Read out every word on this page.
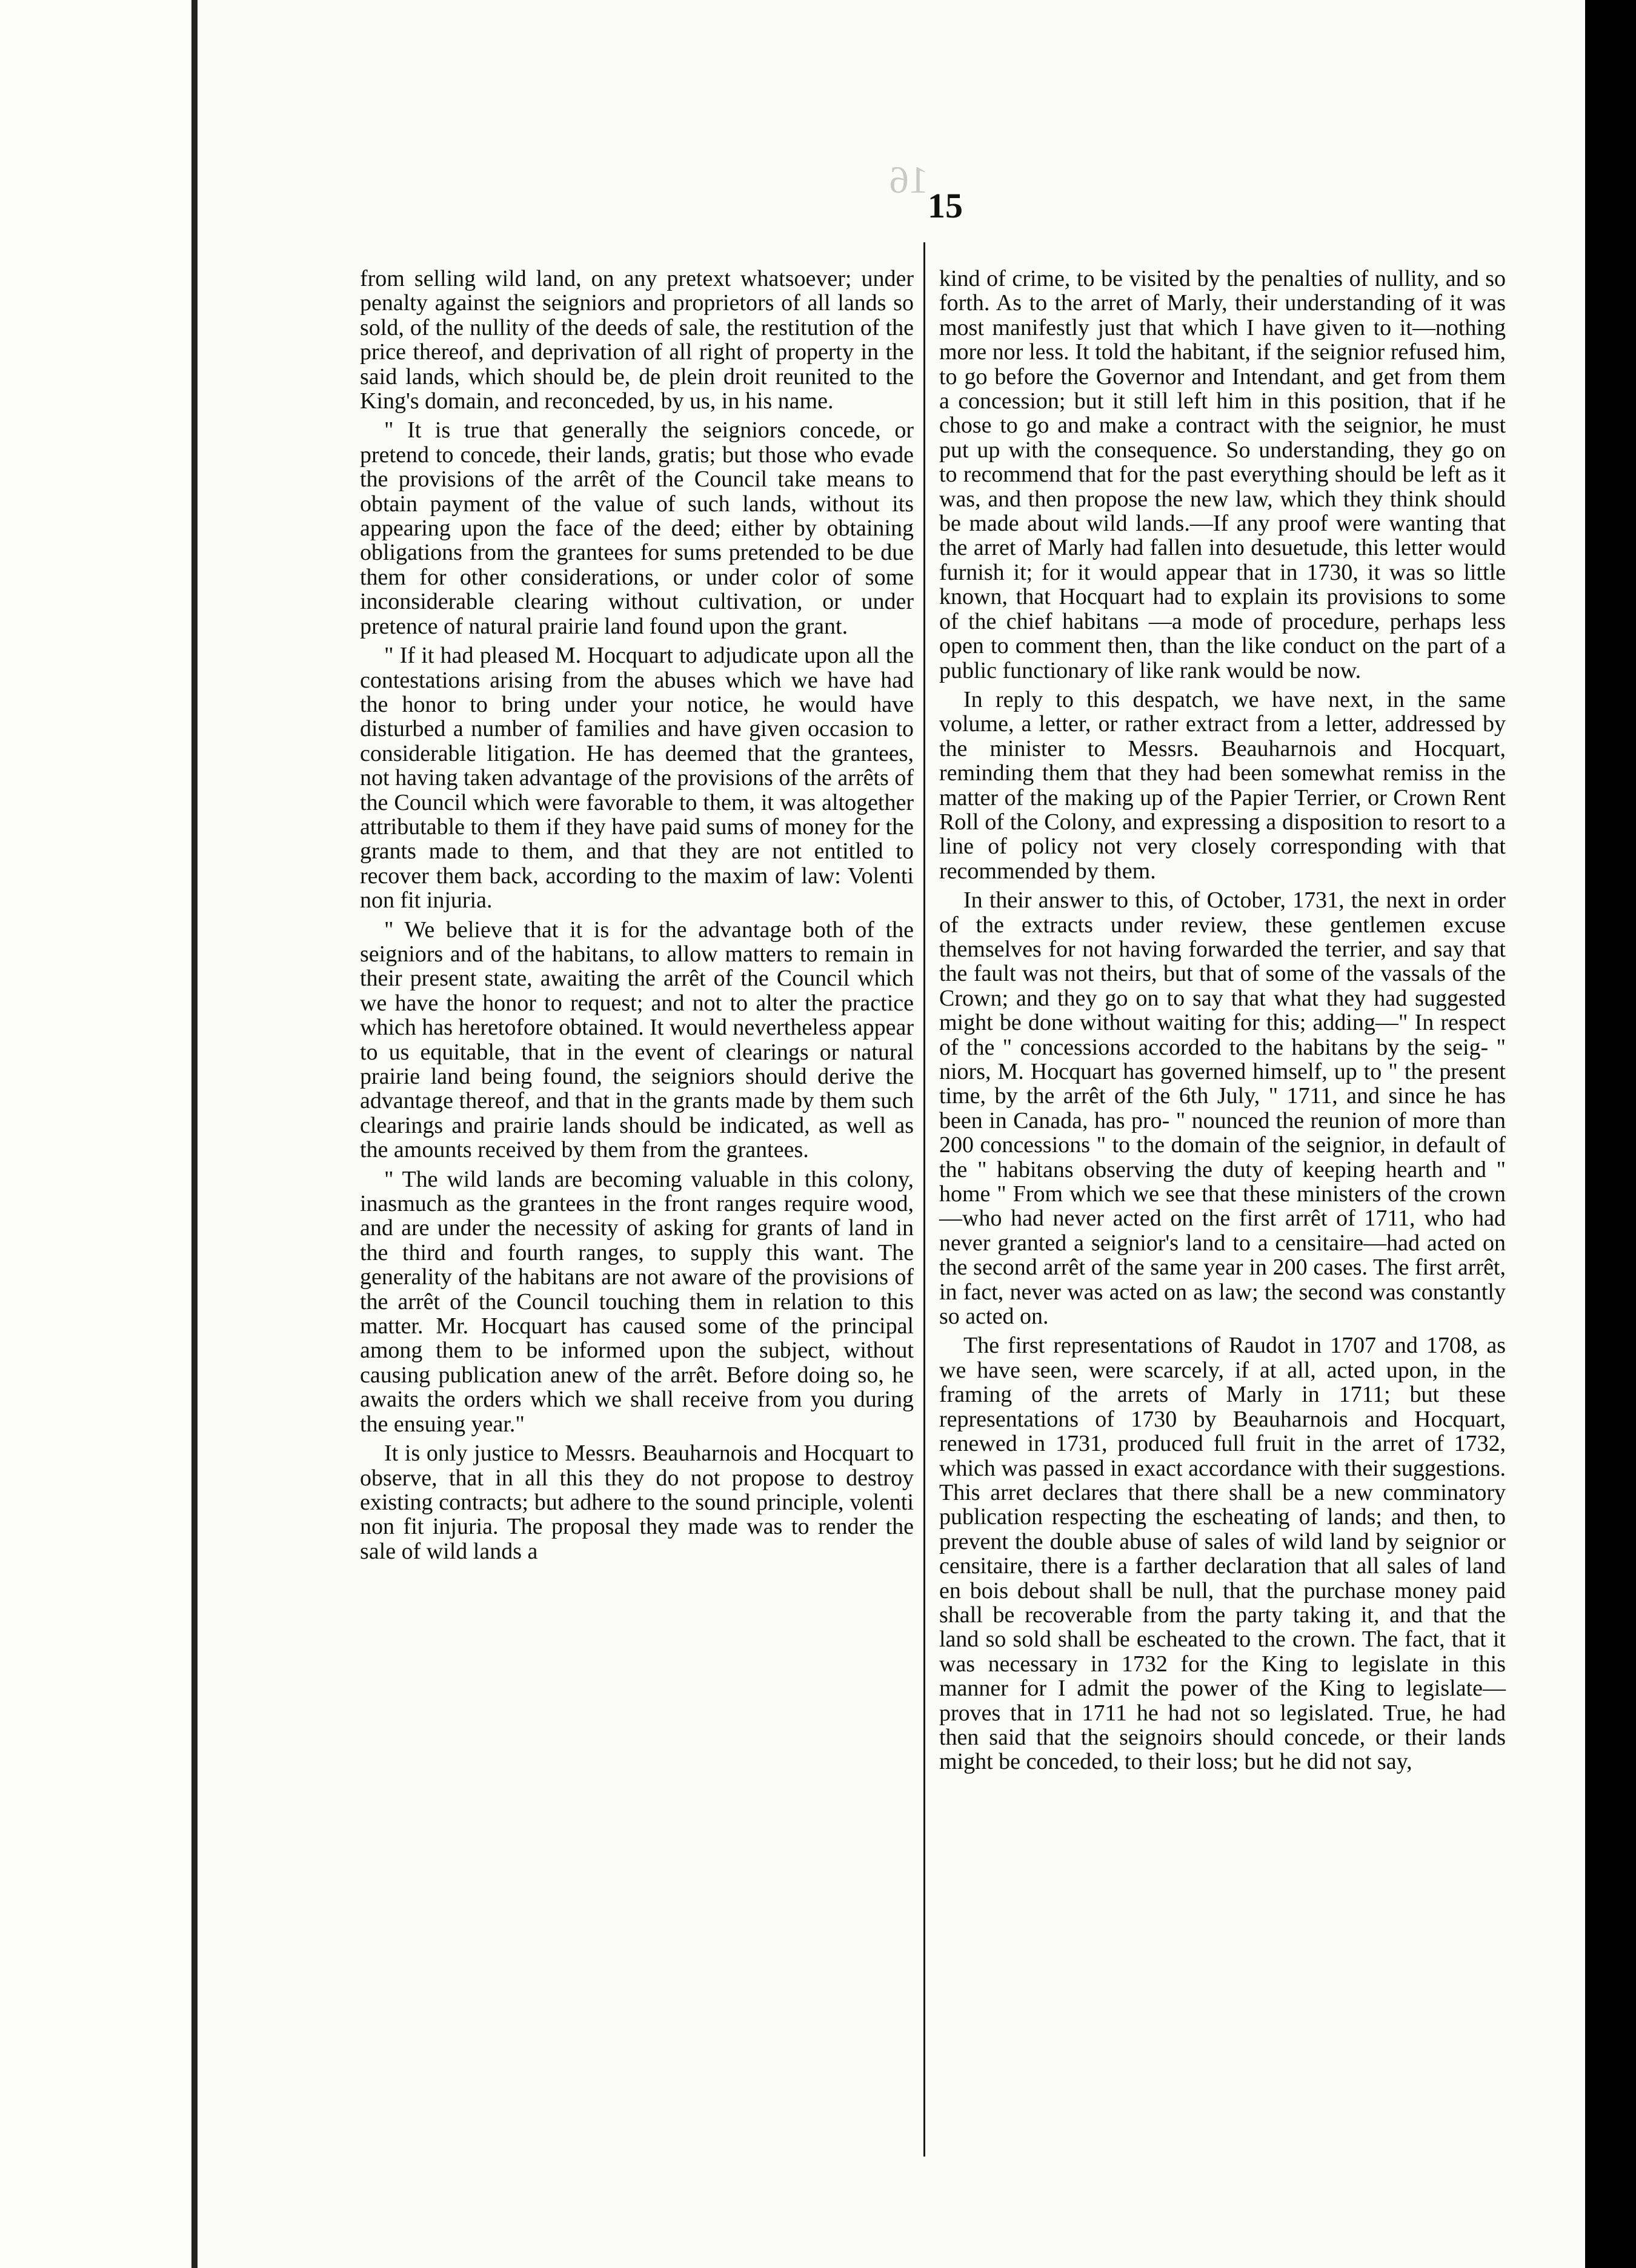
16
15

from selling wild land, on any pretext whatsoever; under penalty against the seigniors and proprietors of all lands so sold, of the nullity of the deeds of sale, the restitution of the price thereof, and deprivation of all right of property in the said lands, which should be, de plein droit reunited to the King's domain, and reconceded, by us, in his name.

" It is true that generally the seigniors concede, or pretend to concede, their lands, gratis; but those who evade the provisions of the arrêt of the Council take means to obtain payment of the value of such lands, without its appearing upon the face of the deed; either by obtaining obligations from the grantees for sums pretended to be due them for other considerations, or under color of some inconsiderable clearing without cultivation, or under pretence of natural prairie land found upon the grant.

" If it had pleased M. Hocquart to adjudicate upon all the contestations arising from the abuses which we have had the honor to bring under your notice, he would have disturbed a number of families and have given occasion to considerable litigation. He has deemed that the grantees, not having taken advantage of the provisions of the arrêts of the Council which were favorable to them, it was altogether attributable to them if they have paid sums of money for the grants made to them, and that they are not entitled to recover them back, according to the maxim of law: Volenti non fit injuria.

" We believe that it is for the advantage both of the seigniors and of the habitans, to allow matters to remain in their present state, awaiting the arrêt of the Council which we have the honor to request; and not to alter the practice which has heretofore obtained. It would nevertheless appear to us equitable, that in the event of clearings or natural prairie land being found, the seigniors should derive the advantage thereof, and that in the grants made by them such clearings and prairie lands should be indicated, as well as the amounts received by them from the grantees.

" The wild lands are becoming valuable in this colony, inasmuch as the grantees in the front ranges require wood, and are under the necessity of asking for grants of land in the third and fourth ranges, to supply this want. The generality of the habitans are not aware of the provisions of the arrêt of the Council touching them in relation to this matter. Mr. Hocquart has caused some of the principal among them to be informed upon the subject, without causing publication anew of the arrêt. Before doing so, he awaits the orders which we shall receive from you during the ensuing year."

It is only justice to Messrs. Beauharnois and Hocquart to observe, that in all this they do not propose to destroy existing contracts; but adhere to the sound principle, volenti non fit injuria. The proposal they made was to render the sale of wild lands a

kind of crime, to be visited by the penalties of nullity, and so forth. As to the arret of Marly, their understanding of it was most manifestly just that which I have given to it—nothing more nor less. It told the habitant, if the seignior refused him, to go before the Governor and Intendant, and get from them a concession; but it still left him in this position, that if he chose to go and make a contract with the seignior, he must put up with the consequence. So understanding, they go on to recommend that for the past everything should be left as it was, and then propose the new law, which they think should be made about wild lands.—If any proof were wanting that the arret of Marly had fallen into desuetude, this letter would furnish it; for it would appear that in 1730, it was so little known, that Hocquart had to explain its provisions to some of the chief habitans —a mode of procedure, perhaps less open to comment then, than the like conduct on the part of a public functionary of like rank would be now.

In reply to this despatch, we have next, in the same volume, a letter, or rather extract from a letter, addressed by the minister to Messrs. Beauharnois and Hocquart, reminding them that they had been somewhat remiss in the matter of the making up of the Papier Terrier, or Crown Rent Roll of the Colony, and expressing a disposition to resort to a line of policy not very closely corresponding with that recommended by them.

In their answer to this, of October, 1731, the next in order of the extracts under review, these gentlemen excuse themselves for not having forwarded the terrier, and say that the fault was not theirs, but that of some of the vassals of the Crown; and they go on to say that what they had suggested might be done without waiting for this; adding—" In respect of the " concessions accorded to the habitans by the seig- " niors, M. Hocquart has governed himself, up to " the present time, by the arrêt of the 6th July, " 1711, and since he has been in Canada, has pro- " nounced the reunion of more than 200 concessions " to the domain of the seignior, in default of the " habitans observing the duty of keeping hearth and " home " From which we see that these ministers of the crown—who had never acted on the first arrêt of 1711, who had never granted a seignior's land to a censitaire—had acted on the second arrêt of the same year in 200 cases. The first arrêt, in fact, never was acted on as law; the second was constantly so acted on.

The first representations of Raudot in 1707 and 1708, as we have seen, were scarcely, if at all, acted upon, in the framing of the arrets of Marly in 1711; but these representations of 1730 by Beauharnois and Hocquart, renewed in 1731, produced full fruit in the arret of 1732, which was passed in exact accordance with their suggestions. This arret declares that there shall be a new comminatory publication respecting the escheating of lands; and then, to prevent the double abuse of sales of wild land by seignior or censitaire, there is a farther declaration that all sales of land en bois debout shall be null, that the purchase money paid shall be recoverable from the party taking it, and that the land so sold shall be escheated to the crown. The fact, that it was necessary in 1732 for the King to legislate in this manner for I admit the power of the King to legislate—proves that in 1711 he had not so legislated. True, he had then said that the seignoirs should concede, or their lands might be conceded, to their loss; but he did not say,
